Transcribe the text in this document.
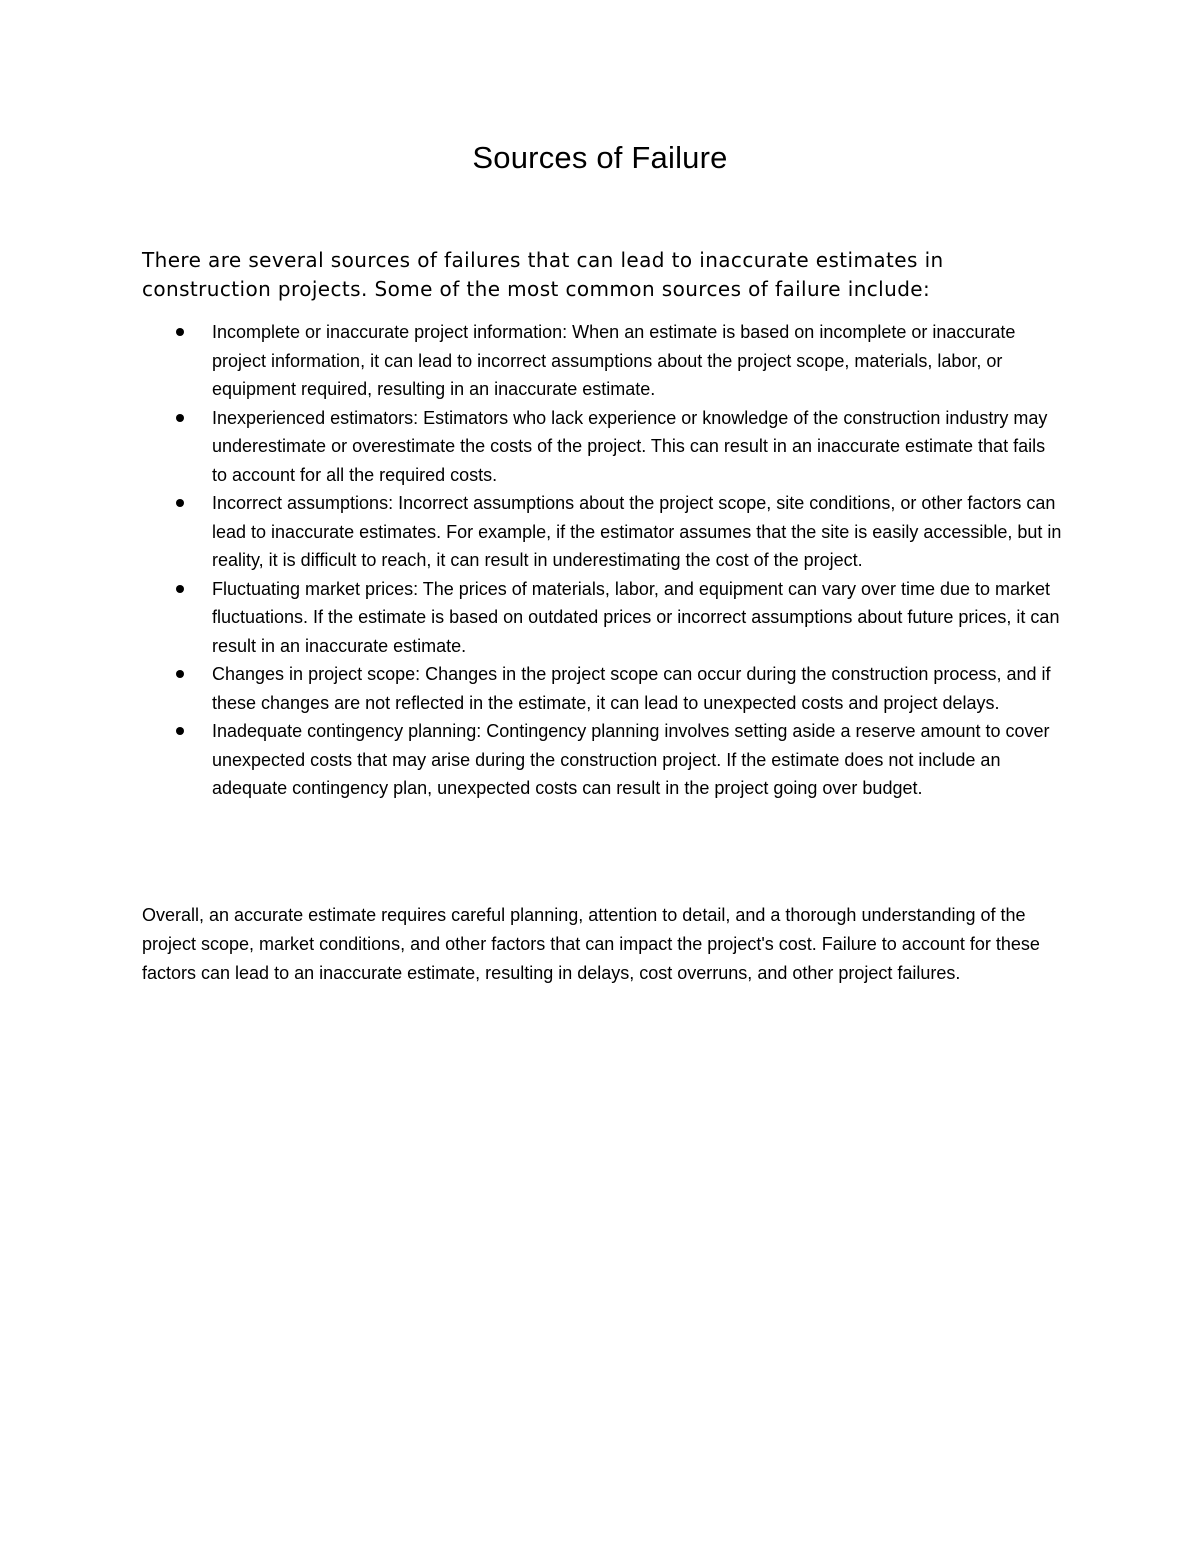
Sources of Failure

There are several sources of failures that can lead to inaccurate estimates in construction projects. Some of the most common sources of failure include:

Incomplete or inaccurate project information: When an estimate is based on incomplete or inaccurate project information, it can lead to incorrect assumptions about the project scope, materials, labor, or equipment required, resulting in an inaccurate estimate.
Inexperienced estimators: Estimators who lack experience or knowledge of the construction industry may underestimate or overestimate the costs of the project. This can result in an inaccurate estimate that fails to account for all the required costs.
Incorrect assumptions: Incorrect assumptions about the project scope, site conditions, or other factors can lead to inaccurate estimates. For example, if the estimator assumes that the site is easily accessible, but in reality, it is difficult to reach, it can result in underestimating the cost of the project.
Fluctuating market prices: The prices of materials, labor, and equipment can vary over time due to market fluctuations. If the estimate is based on outdated prices or incorrect assumptions about future prices, it can result in an inaccurate estimate.
Changes in project scope: Changes in the project scope can occur during the construction process, and if these changes are not reflected in the estimate, it can lead to unexpected costs and project delays.
Inadequate contingency planning: Contingency planning involves setting aside a reserve amount to cover unexpected costs that may arise during the construction project. If the estimate does not include an adequate contingency plan, unexpected costs can result in the project going over budget.

Overall, an accurate estimate requires careful planning, attention to detail, and a thorough understanding of the project scope, market conditions, and other factors that can impact the project's cost. Failure to account for these factors can lead to an inaccurate estimate, resulting in delays, cost overruns, and other project failures.
